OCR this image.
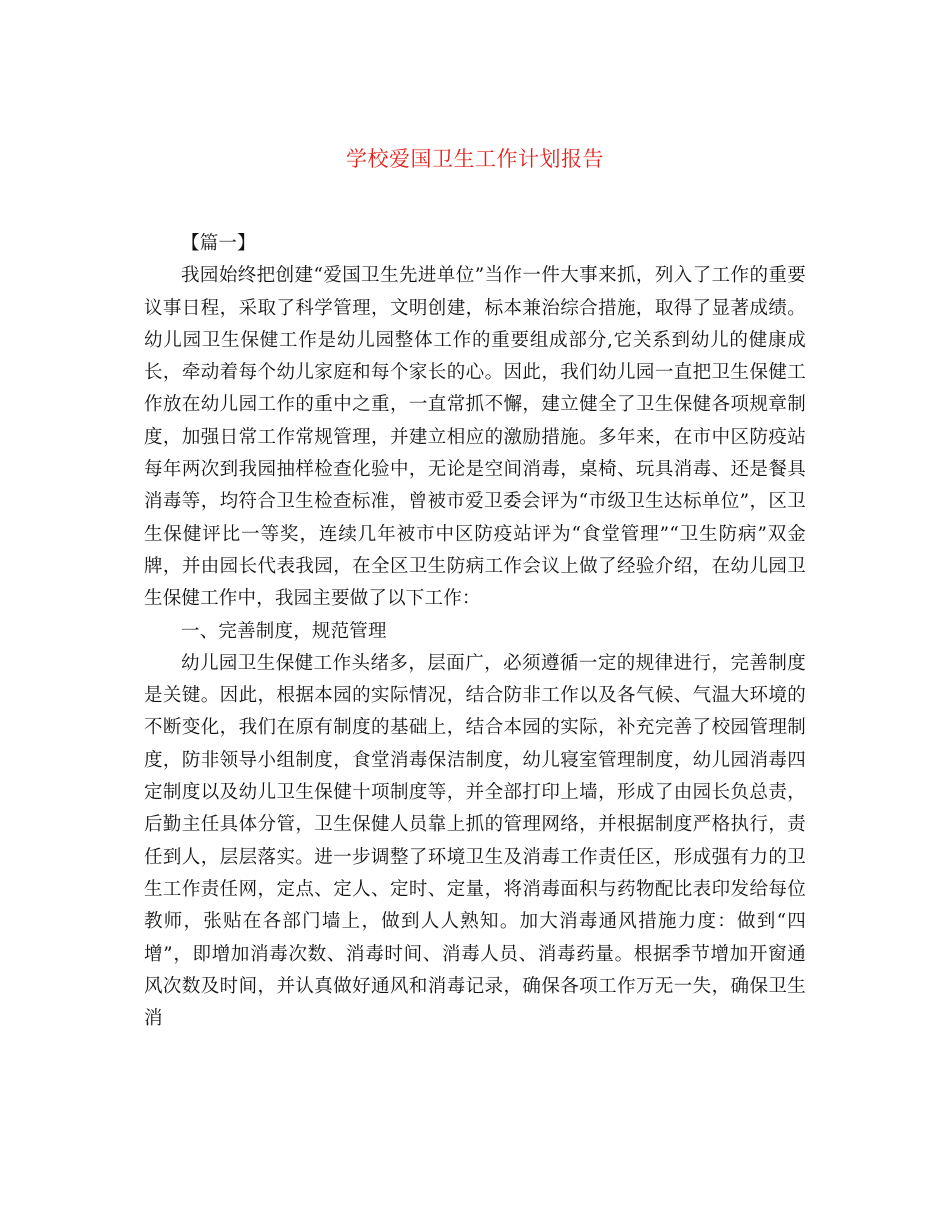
学校爱国卫生工作计划报告

【篇一】

我园始终把创建“爱国卫生先进单位”当作一件大事来抓，列入了工作的重要议事日程，采取了科学管理，文明创建，标本兼治综合措施，取得了显著成绩。幼儿园卫生保健工作是幼儿园整体工作的重要组成部分,它关系到幼儿的健康成长，牵动着每个幼儿家庭和每个家长的心。因此，我们幼儿园一直把卫生保健工作放在幼儿园工作的重中之重，一直常抓不懈，建立健全了卫生保健各项规章制度，加强日常工作常规管理，并建立相应的激励措施。多年来，在市中区防疫站每年两次到我园抽样检查化验中，无论是空间消毒，桌椅、玩具消毒、还是餐具消毒等，均符合卫生检查标准，曾被市爱卫委会评为“市级卫生达标单位”，区卫生保健评比一等奖，连续几年被市中区防疫站评为“食堂管理”“卫生防病”双金牌，并由园长代表我园，在全区卫生防病工作会议上做了经验介绍，在幼儿园卫生保健工作中，我园主要做了以下工作：

一、完善制度，规范管理

幼儿园卫生保健工作头绪多，层面广，必须遵循一定的规律进行，完善制度是关键。因此，根据本园的实际情况，结合防非工作以及各气候、气温大环境的不断变化，我们在原有制度的基础上，结合本园的实际，补充完善了校园管理制度，防非领导小组制度，食堂消毒保洁制度，幼儿寝室管理制度，幼儿园消毒四定制度以及幼儿卫生保健十项制度等，并全部打印上墙，形成了由园长负总责，后勤主任具体分管，卫生保健人员靠上抓的管理网络，并根据制度严格执行，责任到人，层层落实。进一步调整了环境卫生及消毒工作责任区，形成强有力的卫生工作责任网，定点、定人、定时、定量，将消毒面积与药物配比表印发给每位教师，张贴在各部门墙上，做到人人熟知。加大消毒通风措施力度：做到“四增”，即增加消毒次数、消毒时间、消毒人员、消毒药量。根据季节增加开窗通风次数及时间，并认真做好通风和消毒记录，确保各项工作万无一失，确保卫生消
